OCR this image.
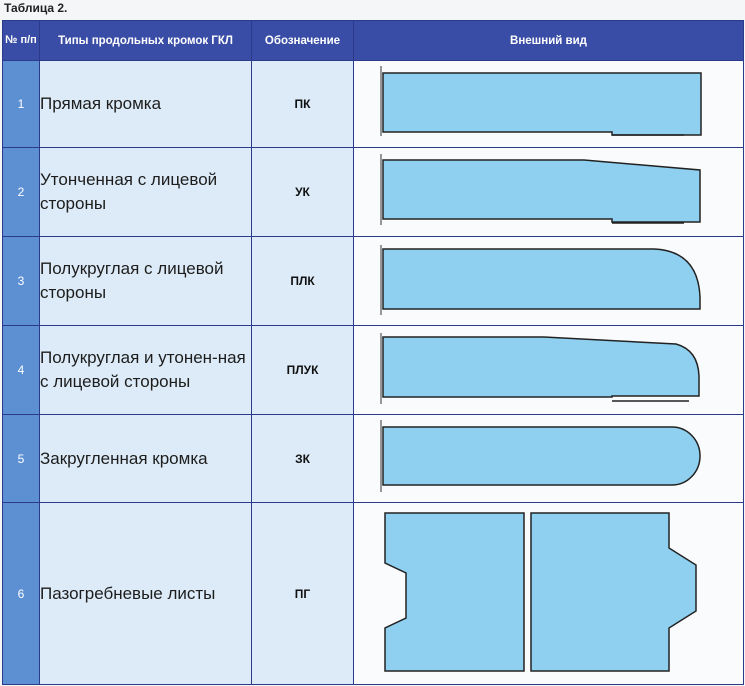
Таблица 2.
№ п/п	Типы продольных кромок ГКЛ	Обозначение	Внешний вид
1	Прямая кромка	ПК	

2	Утонченная с лицевой стороны	УК	

3	Полукруглая с лицевой стороны	ПЛК	

4	Полукруглая и утонен-ная с лицевой стороны	ПЛУК	

5	Закругленная кромка	ЗК	

6	Пазогребневые листы	ПГ	
